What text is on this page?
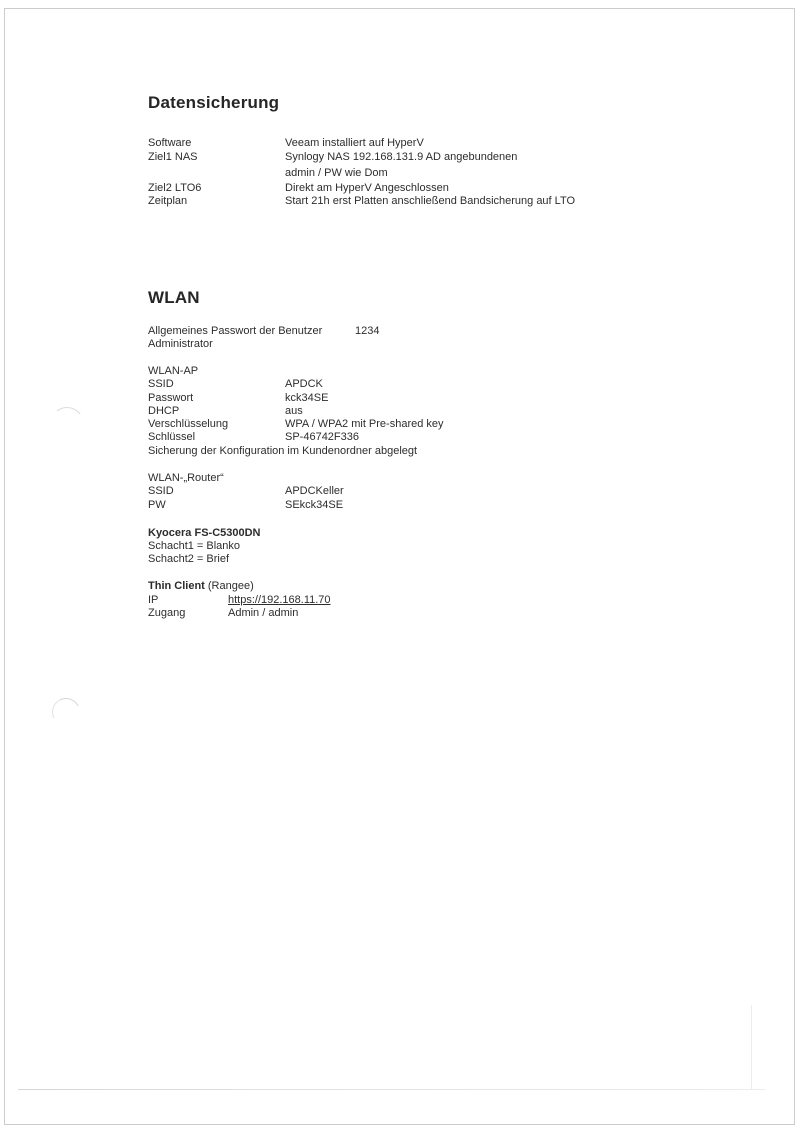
Datensicherung
Software	Veeam installiert auf HyperV
Ziel1 NAS	Synlogy NAS 192.168.131.9 AD angebundenen
admin / PW wie Dom
Ziel2 LTO6	Direkt am HyperV Angeschlossen
Zeitplan	Start 21h erst Platten anschließend Bandsicherung auf LTO
WLAN
Allgemeines Passwort der Benutzer	1234
Administrator
WLAN-AP
SSID	APDCK
Passwort	kck34SE
DHCP	aus
Verschlüsselung	WPA / WPA2 mit Pre-shared key
Schlüssel	SP-46742F336
Sicherung der Konfiguration im Kundenordner abgelegt
WLAN-„Router“
SSID	APDCKeller
PW	SEkck34SE
Kyocera FS-C5300DN
Schacht1 = Blanko
Schacht2 = Brief
Thin Client (Rangee)
IP	https://192.168.11.70
Zugang	Admin / admin
